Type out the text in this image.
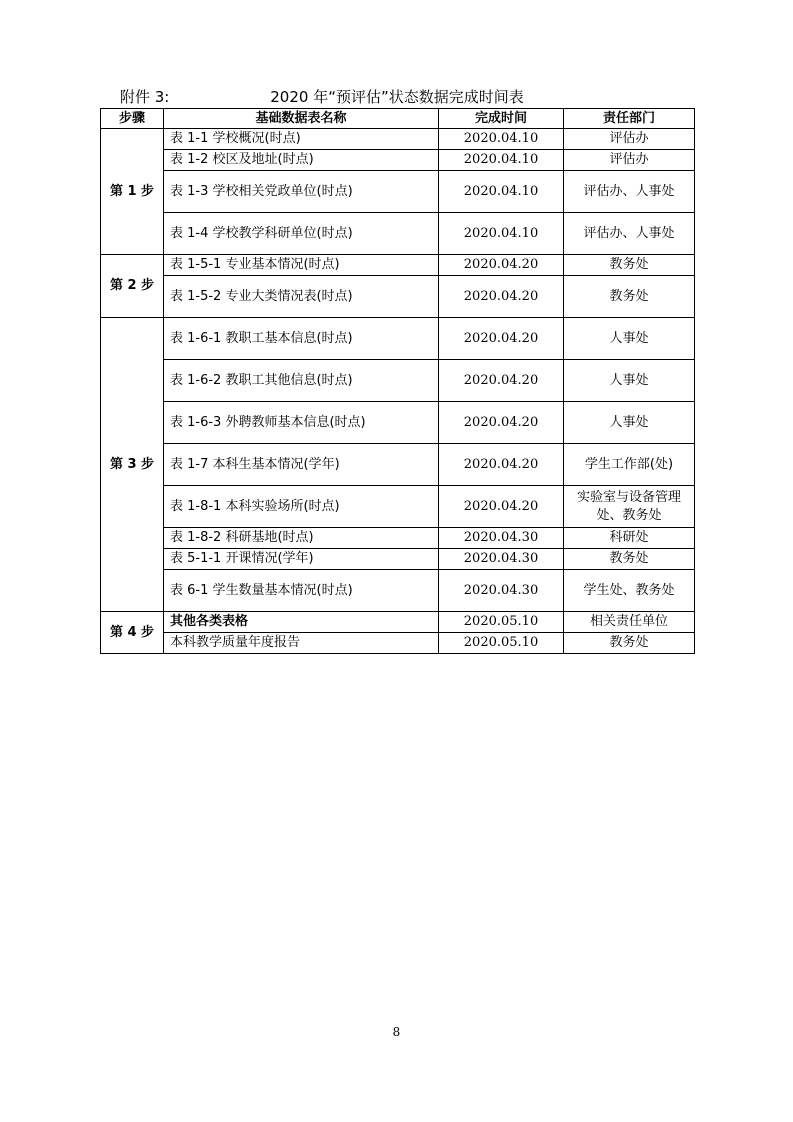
2020 年“预评估”状态数据完成时间表
附件 3:
步骤	基础数据表名称	完成时间	责任部门
第 1 步	表 1-1 学校概况(时点)	2020.04.10	评估办
	表 1-2 校区及地址(时点)	2020.04.10	评估办
	表 1-3 学校相关党政单位(时点)	2020.04.10	评估办、人事处
	表 1-4 学校教学科研单位(时点)	2020.04.10	评估办、人事处
第 2 步	表 1-5-1 专业基本情况(时点)	2020.04.20	教务处
	表 1-5-2 专业大类情况表(时点)	2020.04.20	教务处
第 3 步	表 1-6-1 教职工基本信息(时点)	2020.04.20	人事处
	表 1-6-2 教职工其他信息(时点)	2020.04.20	人事处
	表 1-6-3 外聘教师基本信息(时点)	2020.04.20	人事处
	表 1-7 本科生基本情况(学年)	2020.04.20	学生工作部(处)
	表 1-8-1 本科实验场所(时点)	2020.04.20	实验室与设备管理处、教务处
	表 1-8-2 科研基地(时点)	2020.04.30	科研处
	表 5-1-1 开课情况(学年)	2020.04.30	教务处
	表 6-1 学生数量基本情况(时点)	2020.04.30	学生处、教务处
第 4 步	其他各类表格	2020.05.10	相关责任单位
	本科教学质量年度报告	2020.05.10	教务处
8
